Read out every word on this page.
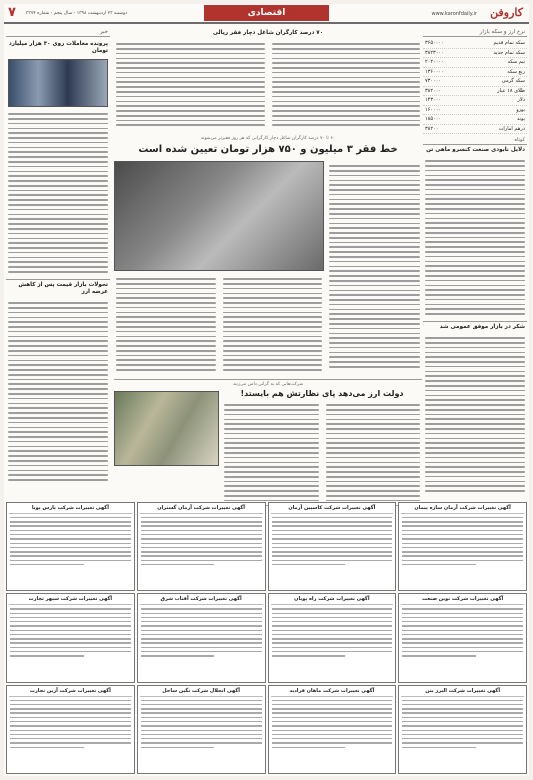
کاروفن
www.karonfdaily.ir
اقتصادی
دوشنبه ۲۳ اردیبهشت ۱۳۹۸ - سال پنجم - شماره ۳۳۷۴
۷
نرخ ارز و سکه بازار
سکه تمام قدیم
۳۶۵۰۰۰۰
سکه تمام جدید
۳۸۲۳۰۰۰
نیم سکه
۲۰۲۰۰۰۰
ربع سکه
۱۳۶۰۰۰۰
سکه گرمی
۷۳۰۰۰۰
طلای ۱۸ عیار
۳۸۲۰۰۰
دلار
۱۴۳۰۰۰
یورو
۱۶۰۰۰۰
پوند
۱۸۵۰۰۰
درهم امارات
۳۸۲۰۰
کوتاه
دلایل نابودی صنعت کنسرو ماهی تن
شکر در بازار موفق عمومی شد
۷۰ درصد کارگران شاغل دچار فقر ریالی
۶۰ تا ۷۰ درصد کارگران شاغل دچار کارگرانی که هر روز فقیرتر می‌شوند
خط فقر ۳ میلیون و ۷۵۰ هزار تومان تعیین شده است
شرکت‌هایی که به گرانی دامن می‌زنند
دولت ارز می‌دهد پای نظارتش هم بایستد!
خبر
پرونده معاملات روی ۳۰ هزار میلیارد تومان
تحولات بازار قیمت پس از کاهش عرضه ارز
آگهی تغییرات شرکت آرمان سازه پیمان
آگهی تغییرات شرکت کاسپین آرمان
آگهی تغییرات شرکت آرمان گستران
آگهی تغییرات شرکت پارس پویا
آگهی تغییرات شرکت نوین صنعت
آگهی تغییرات شرکت راه پویان
آگهی تغییرات شرکت آفتاب شرق
آگهی تغییرات شرکت سپهر تجارت
آگهی تغییرات شرکت البرز بتن
آگهی تغییرات شرکت ماهان فرادید
آگهی انحلال شرکت نگین ساحل
آگهی تغییرات شرکت آرین تجارت
